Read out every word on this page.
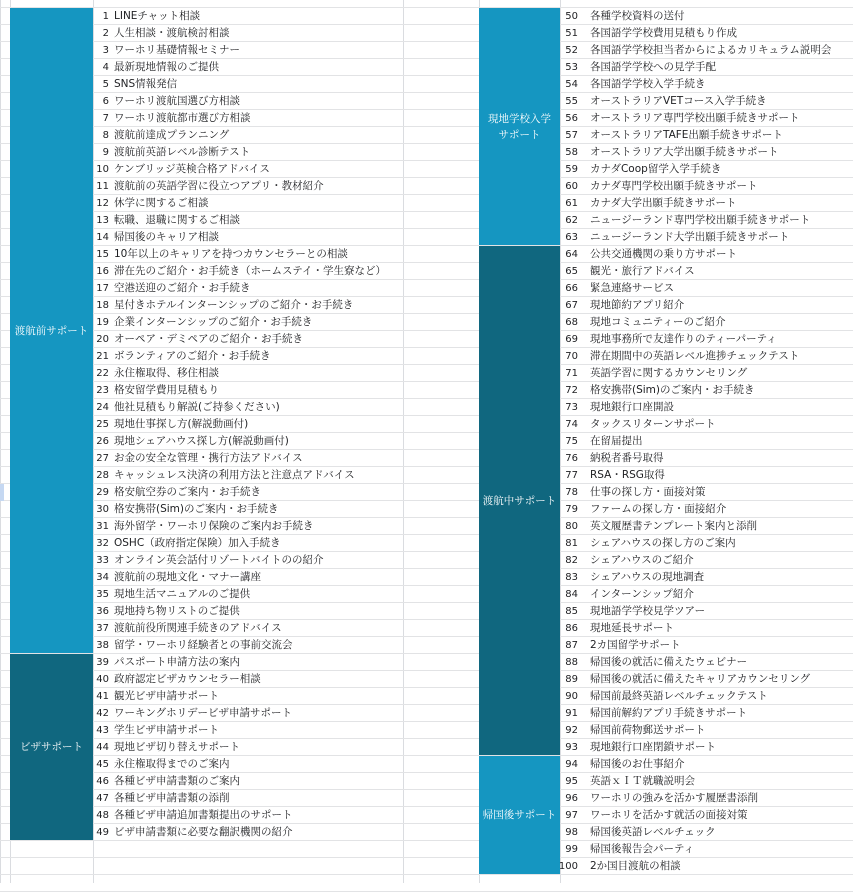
渡航前サポート
ビザサポート
現地学校入学
サポート
渡航中サポート
帰国後サポート
1 LINEチャット相談
2 人生相談・渡航検討相談
3 ワーホリ基礎情報セミナー
4 最新現地情報のご提供
5 SNS情報発信
6 ワーホリ渡航国選び方相談
7 ワーホリ渡航都市選び方相談
8 渡航前達成プランニング
9 渡航前英語レベル診断テスト
10 ケンブリッジ英検合格アドバイス
11 渡航前の英語学習に役立つアプリ・教材紹介
12 休学に関するご相談
13 転職、退職に関するご相談
14 帰国後のキャリア相談
15 10年以上のキャリアを持つカウンセラーとの相談
16 滞在先のご紹介・お手続き（ホームステイ・学生寮など）
17 空港送迎のご紹介・お手続き
18 星付きホテルインターンシップのご紹介・お手続き
19 企業インターンシップのご紹介・お手続き
20 オーペア・デミペアのご紹介・お手続き
21 ボランティアのご紹介・お手続き
22 永住権取得、移住相談
23 格安留学費用見積もり
24 他社見積もり解説(ご持参ください)
25 現地仕事探し方(解説動画付)
26 現地シェアハウス探し方(解説動画付)
27 お金の安全な管理・携行方法アドバイス
28 キャッシュレス決済の利用方法と注意点アドバイス
29 格安航空券のご案内・お手続き
30 格安携帯(Sim)のご案内・お手続き
31 海外留学・ワーホリ保険のご案内お手続き
32 OSHC（政府指定保険）加入手続き
33 オンライン英会話付リゾートバイトのの紹介
34 渡航前の現地文化・マナー講座
35 現地生活マニュアルのご提供
36 現地持ち物リストのご提供
37 渡航前役所関連手続きのアドバイス
38 留学・ワーホリ経験者との事前交流会
39 パスポート申請方法の案内
40 政府認定ビザカウンセラー相談
41 観光ビザ申請サポート
42 ワーキングホリデービザ申請サポート
43 学生ビザ申請サポート
44 現地ビザ切り替えサポート
45 永住権取得までのご案内
46 各種ビザ申請書類のご案内
47 各種ビザ申請書類の添削
48 各種ビザ申請追加書類提出のサポート
49 ビザ申請書類に必要な翻訳機関の紹介
50 各種学校資料の送付
51 各国語学学校費用見積もり作成
52 各国語学学校担当者からによるカリキュラム説明会
53 各国語学学校への見学手配
54 各国語学学校入学手続き
55 オーストラリアVETコース入学手続き
56 オーストラリア専門学校出願手続きサポート
57 オーストラリアTAFE出願手続きサポート
58 オーストラリア大学出願手続きサポート
59 カナダCoop留学入学手続き
60 カナダ専門学校出願手続きサポート
61 カナダ大学出願手続きサポート
62 ニュージーランド専門学校出願手続きサポート
63 ニュージーランド大学出願手続きサポート
64 公共交通機関の乗り方サポート
65 観光・旅行アドバイス
66 緊急連絡サービス
67 現地節約アプリ紹介
68 現地コミュニティーのご紹介
69 現地事務所で友達作りのティーパーティ
70 滞在期間中の英語レベル進捗チェックテスト
71 英語学習に関するカウンセリング
72 格安携帯(Sim)のご案内・お手続き
73 現地銀行口座開設
74 タックスリターンサポート
75 在留届提出
76 納税者番号取得
77 RSA・RSG取得
78 仕事の探し方・面接対策
79 ファームの探し方・面接紹介
80 英文履歴書テンプレート案内と添削
81 シェアハウスの探し方のご案内
82 シェアハウスのご紹介
83 シェアハウスの現地調査
84 インターンシップ紹介
85 現地語学学校見学ツアー
86 現地延長サポート
87 2カ国留学サポート
88 帰国後の就活に備えたウェビナー
89 帰国後の就活に備えたキャリアカウンセリング
90 帰国前最終英語レベルチェックテスト
91 帰国前解約アプリ手続きサポート
92 帰国前荷物郵送サポート
93 現地銀行口座閉鎖サポート
94 帰国後のお仕事紹介
95 英語ｘＩＴ就職説明会
96 ワーホリの強みを活かす履歴書添削
97 ワーホリを活かす就活の面接対策
98 帰国後英語レベルチェック
99 帰国後報告会パーティ
100 2か国目渡航の相談
